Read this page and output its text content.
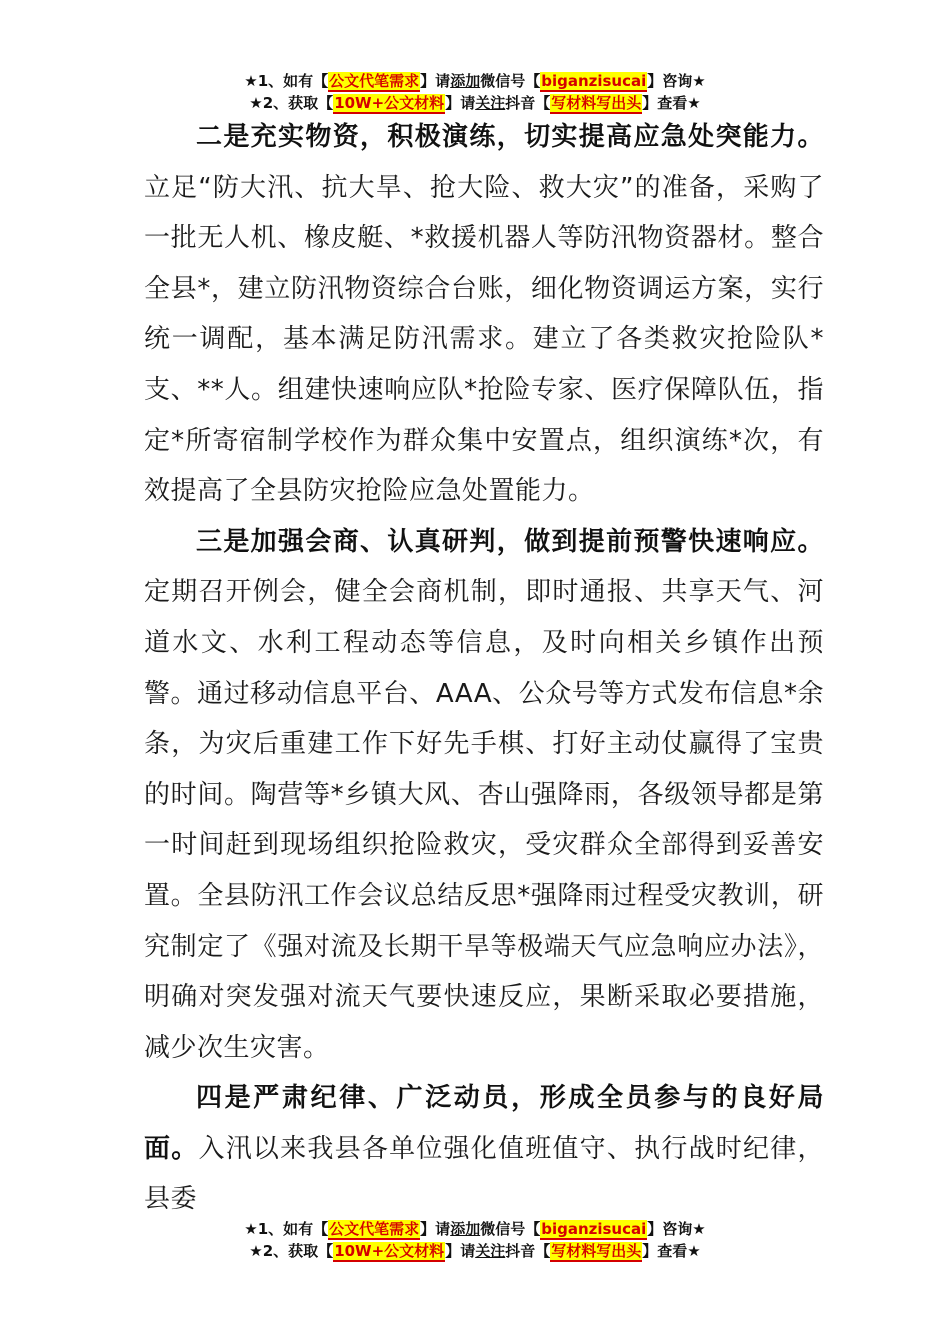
★1、如有【公文代笔需求】请添加微信号【biganzisucai】咨询★
★2、获取【10W+公文材料】请关注抖音【写材料写出头】查看★

二是充实物资，积极演练，切实提高应急处突能力。立足“防大汛、抗大旱、抢大险、救大灾”的准备，采购了一批无人机、橡皮艇、*救援机器人等防汛物资器材。整合全县*，建立防汛物资综合台账，细化物资调运方案，实行统一调配，基本满足防汛需求。建立了各类救灾抢险队*支、**人。组建快速响应队*抢险专家、医疗保障队伍，指定*所寄宿制学校作为群众集中安置点，组织演练*次，有效提高了全县防灾抢险应急处置能力。

三是加强会商、认真研判，做到提前预警快速响应。定期召开例会，健全会商机制，即时通报、共享天气、河道水文、水利工程动态等信息，及时向相关乡镇作出预警。通过移动信息平台、AAA、公众号等方式发布信息*余条，为灾后重建工作下好先手棋、打好主动仗赢得了宝贵的时间。陶营等*乡镇大风、杏山强降雨，各级领导都是第一时间赶到现场组织抢险救灾，受灾群众全部得到妥善安置。全县防汛工作会议总结反思*强降雨过程受灾教训，研究制定了《强对流及长期干旱等极端天气应急响应办法》，明确对突发强对流天气要快速反应，果断采取必要措施，减少次生灾害。

四是严肃纪律、广泛动员，形成全员参与的良好局面。入汛以来我县各单位强化值班值守、执行战时纪律，县委

★1、如有【公文代笔需求】请添加微信号【biganzisucai】咨询★
★2、获取【10W+公文材料】请关注抖音【写材料写出头】查看★
